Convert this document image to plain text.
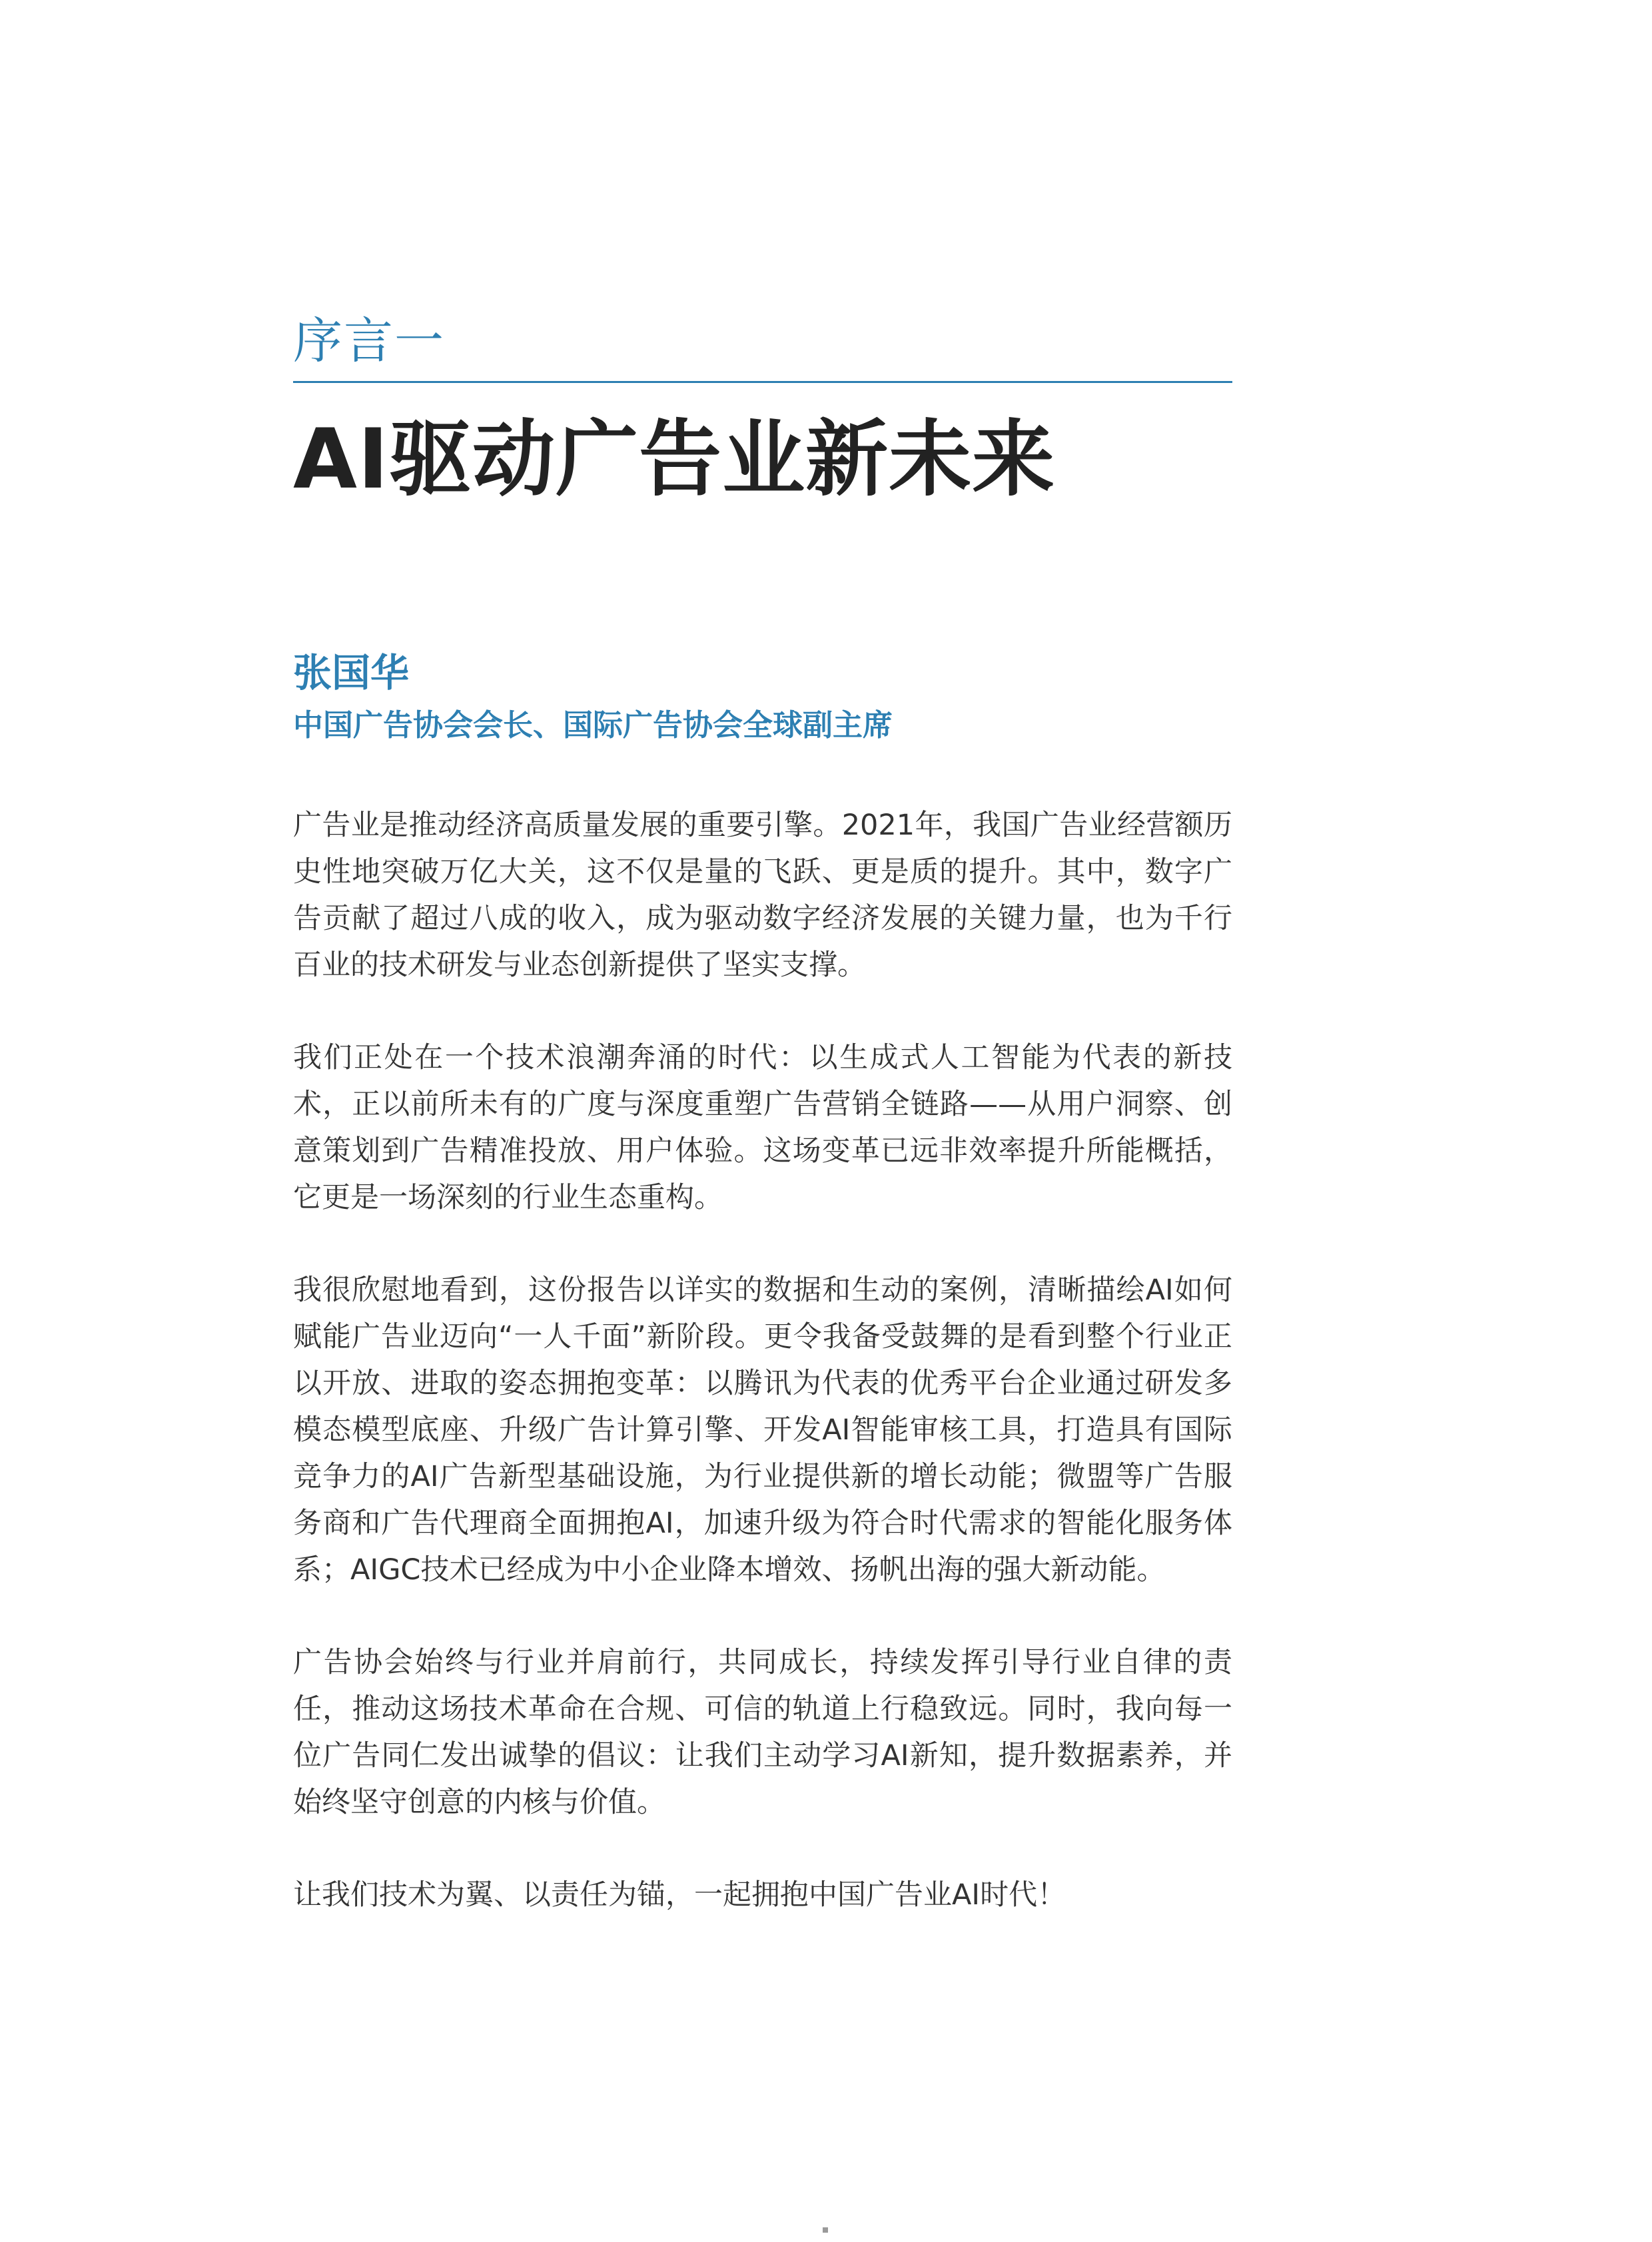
序言一
AI驱动广告业新未来
张国华
中国广告协会会长、国际广告协会全球副主席

广告业是推动经济高质量发展的重要引擎。2021年，我国广告业经营额历史性地突破万亿大关，这不仅是量的飞跃、更是质的提升。其中，数字广告贡献了超过八成的收入，成为驱动数字经济发展的关键力量，也为千行百业的技术研发与业态创新提供了坚实支撑。

我们正处在一个技术浪潮奔涌的时代：以生成式人工智能为代表的新技术，正以前所未有的广度与深度重塑广告营销全链路——从用户洞察、创意策划到广告精准投放、用户体验。这场变革已远非效率提升所能概括，它更是一场深刻的行业生态重构。

我很欣慰地看到，这份报告以详实的数据和生动的案例，清晰描绘AI如何赋能广告业迈向“一人千面”新阶段。更令我备受鼓舞的是看到整个行业正以开放、进取的姿态拥抱变革：以腾讯为代表的优秀平台企业通过研发多模态模型底座、升级广告计算引擎、开发AI智能审核工具，打造具有国际竞争力的AI广告新型基础设施，为行业提供新的增长动能；微盟等广告服务商和广告代理商全面拥抱AI，加速升级为符合时代需求的智能化服务体系；AIGC技术已经成为中小企业降本增效、扬帆出海的强大新动能。

广告协会始终与行业并肩前行，共同成长，持续发挥引导行业自律的责任，推动这场技术革命在合规、可信的轨道上行稳致远。同时，我向每一位广告同仁发出诚挚的倡议：让我们主动学习AI新知，提升数据素养，并始终坚守创意的内核与价值。

让我们技术为翼、以责任为锚，一起拥抱中国广告业AI时代！
